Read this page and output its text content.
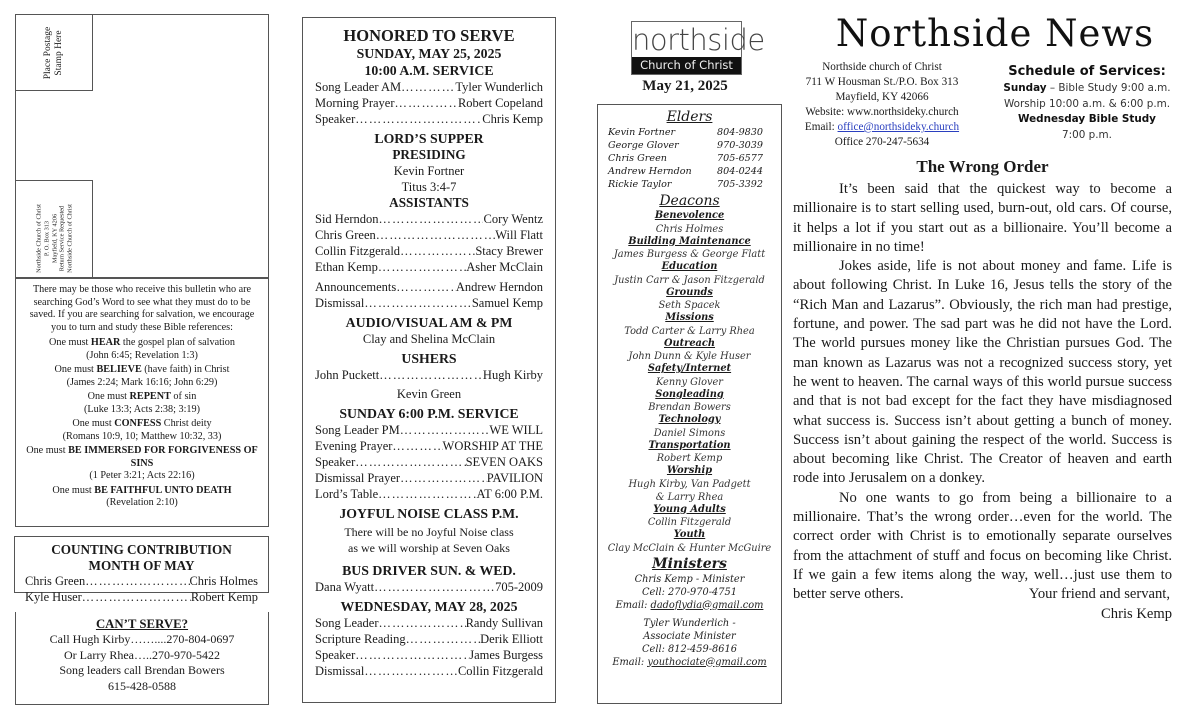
Place Postage Stamp Here
Northside Church of Christ P. O. Box 313 Mayfield, KY 4206 Return Service Requested Northside Church of Christ
There may be those who receive this bulletin who are searching God’s Word to see what they must do to be saved. If you are searching for salvation, we encourage you to turn and study these Bible references:
One must HEAR the gospel plan of salvation
(John 6:45; Revelation 1:3)
One must BELIEVE (have faith) in Christ
(James 2:24; Mark 16:16; John 6:29)
One must REPENT of sin
(Luke 13:3; Acts 2:38; 3:19)
One must CONFESS Christ deity
(Romans 10:9, 10; Matthew 10:32, 33)
One must BE IMMERSED FOR FORGIVENESS OF SINS
(1 Peter 3:21; Acts 22:16)
One must BE FAITHFUL UNTO DEATH
(Revelation 2:10)
COUNTING CONTRIBUTION
MONTH OF MAY
Chris Green ……………………………………………………………………………………………	Chris Holmes
Kyle Huser ……………………………………………………………………………………………	Robert Kemp
CAN’T SERVE?
Call Hugh Kirby……....270-804-0697
Or Larry Rhea…..270-970-5422
Song leaders call Brendan Bowers
615-428-0588
HONORED TO SERVE
SUNDAY, MAY 25, 2025
10:00 A.M. SERVICE
Song Leader AM ……………………………………………………………………………………………	Tyler Wunderlich
Morning Prayer ……………………………………………………………………………………………	Robert Copeland
Speaker ……………………………………………………………………………………………	Chris Kemp
LORD’S SUPPER
PRESIDING
Kevin Fortner
Titus 3:4-7
ASSISTANTS
Sid Herndon ……………………………………………………………………………………………	Cory Wentz
Chris Green ……………………………………………………………………………………………	Will Flatt
Collin Fitzgerald ……………………………………………………………………………………………	Stacy Brewer
Ethan Kemp ……………………………………………………………………………………………	Asher McClain
Announcements ……………………………………………………………………………………………	Andrew Herndon
Dismissal ……………………………………………………………………………………………	Samuel Kemp
AUDIO/VISUAL AM & PM
Clay and Shelina McClain
USHERS
John Puckett ……………………………………………………………………………………………	Hugh Kirby
Kevin Green
SUNDAY 6:00 P.M. SERVICE
Song Leader PM ……………………………………………………………………………………………	WE WILL
Evening Prayer ……………………………………………………………………………………………	WORSHIP AT THE
Speaker ……………………………………………………………………………………………	SEVEN OAKS
Dismissal Prayer ……………………………………………………………………………………………	PAVILION
Lord’s Table ……………………………………………………………………………………………	AT 6:00 P.M.
JOYFUL NOISE CLASS P.M.
There will be no Joyful Noise class
as we will worship at Seven Oaks
BUS DRIVER SUN. & WED.
Dana Wyatt ……………………………………………………………………………………………	705-2009
WEDNESDAY, MAY 28, 2025
Song Leader ……………………………………………………………………………………………	Randy Sullivan
Scripture Reading ……………………………………………………………………………………………	Derik Elliott
Speaker ……………………………………………………………………………………………	James Burgess
Dismissal ……………………………………………………………………………………………	Collin Fitzgerald
northside
Church of Christ
May 21, 2025
Elders
Kevin Fortner	804-9830
George Glover	970-3039
Chris Green	705-6577
Andrew Herndon	804-0244
Rickie Taylor	705-3392
Deacons
Benevolence
Chris Holmes
Building Maintenance
James Burgess & George Flatt
Education
Justin Carr & Jason Fitzgerald
Grounds
Seth Spacek
Missions
Todd Carter & Larry Rhea
Outreach
John Dunn & Kyle Huser
Safety/Internet
Kenny Glover
Songleading
Brendan Bowers
Technology
Daniel Simons
Transportation
Robert Kemp
Worship
Hugh Kirby, Van Padgett
& Larry Rhea
Young Adults
Collin Fitzgerald
Youth
Clay McClain & Hunter McGuire
Ministers
Chris Kemp - Minister
Cell: 270-970-4751
Email: dadoflydia@gmail.com
Tyler Wunderlich -
Associate Minister
Cell: 812-459-8616
Email: youthociate@gmail.com
Northside News
Northside church of Christ
711 W Housman St./P.O. Box 313
Mayfield, KY 42066
Website: www.northsideky.church
Email: office@northsideky.church
Office 270-247-5634
Schedule of Services:
Sunday – Bible Study 9:00 a.m.
Worship 10:00 a.m. & 6:00 p.m.
Wednesday Bible Study
7:00 p.m.
The Wrong Order

It’s been said that the quickest way to become a millionaire is to start selling used, burn-out, old cars. Of course, it helps a lot if you start out as a billionaire. You’ll become a millionaire in no time!

Jokes aside, life is not about money and fame. Life is about following Christ. In Luke 16, Jesus tells the story of the “Rich Man and Lazarus”. Obviously, the rich man had prestige, fortune, and power. The sad part was he did not have the Lord. The world pursues money like the Christian pursues God. The man known as Lazarus was not a recognized success story, yet he went to heaven. The carnal ways of this world pursue success and that is not bad except for the fact they have misdiagnosed what success is. Success isn’t about getting a bunch of money. Success isn’t about gaining the respect of the world. Success is about becoming like Christ. The Creator of heaven and earth rode into Jerusalem on a donkey.

No one wants to go from being a billionaire to a millionaire. That’s the wrong order…even for the world. The correct order with Christ is to emotionally separate ourselves from the attachment of stuff and focus on becoming like Christ. If we gain a few items along the way, well…just use them to better serve others.	Your friend and servant,
Chris Kemp
